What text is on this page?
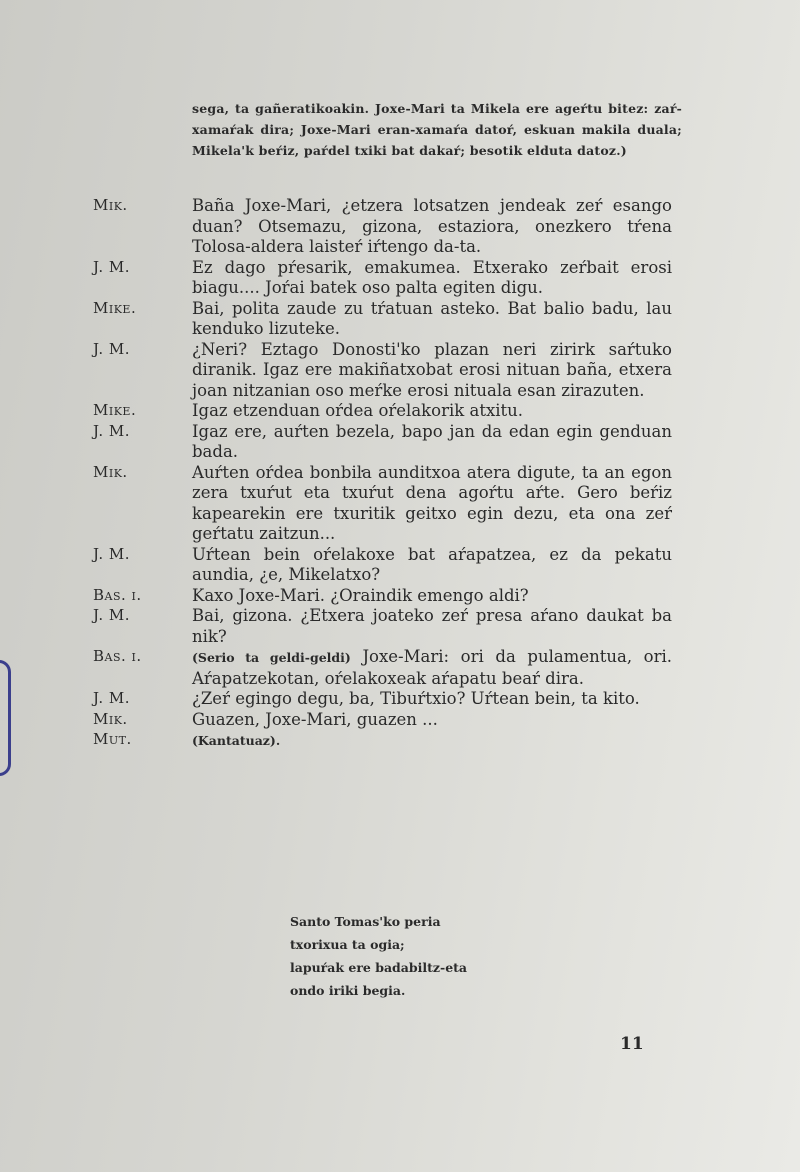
sega, ta gañeratikoakin. Joxe-Mari ta Mikela ere ageŕtu bitez: zaŕ-xamaŕak dira; Joxe-Mari eran-xamaŕa datoŕ, eskuan makila duala; Mikela'k beŕiz, paŕdel txiki bat dakaŕ; besotik elduta datoz.)
Mik.	Baña Joxe-Mari, ¿etzera lotsatzen jendeak zeŕ esango duan? Otsemazu, gizona, estaziora, onezkero tŕena Tolosa-aldera laisteŕ iŕtengo da-ta.
J. M.	Ez dago pŕesarik, emakumea. Etxerako zeŕbait erosi biagu.... Joŕai batek oso palta egiten digu.
Mike.	Bai, polita zaude zu tŕatuan asteko. Bat balio badu, lau kenduko lizuteke.
J. M.	¿Neri? Eztago Donosti'ko plazan neri zirirk saŕtuko diranik. Igaz ere makiñatxobat erosi nituan baña, etxera joan nitzanian oso meŕke erosi nituala esan zirazuten.
Mike.	Igaz etzenduan oŕdea oŕelakorik atxitu.
J. M.	Igaz ere, auŕten bezela, bapo jan da edan egin genduan bada.
Mik.	Auŕten oŕdea bonbiŀa aunditxoa atera digute, ta an egon zera txuŕut eta txuŕut dena agoŕtu aŕte. Gero beŕiz kapearekin ere txuritik geitxo egin dezu, eta ona zeŕ geŕtatu zaitzun...
J. M.	Uŕtean bein oŕelakoxe bat aŕapatzea, ez da pekatu aundia, ¿e, Mikelatxo?
Bas. i.	Kaxo Joxe-Mari. ¿Oraindik emengo aldi?
J. M.	Bai, gizona. ¿Etxera joateko zeŕ presa aŕano daukat ba nik?
Bas. i.	(Serio ta geldi-geldi) Joxe-Mari: ori da pulamentua, ori. Aŕapatzekotan, oŕelakoxeak aŕapatu beaŕ dira.
J. M.	¿Zeŕ egingo degu, ba, Tibuŕtxio? Uŕtean bein, ta kito.
Mik.	Guazen, Joxe-Mari, guazen ...
Mut.	(Kantatuaz).
Santo Tomas'ko peria
txorixua ta ogia;
lapuŕak ere badabiltz-eta
ondo iriki begia.
11
